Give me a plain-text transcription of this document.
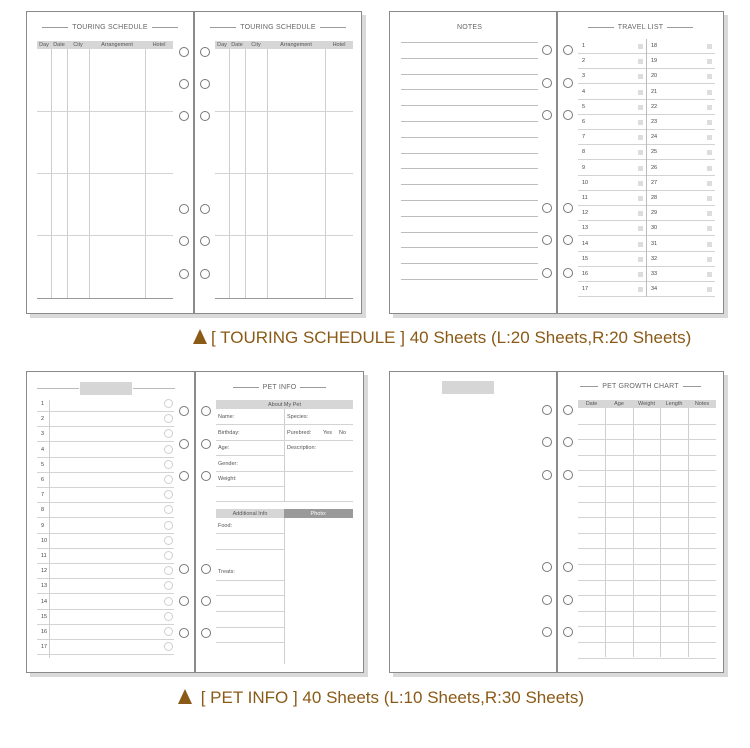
TOURING SCHEDULE
Day Date	City	Arrangement	Hotel
TOURING SCHEDULE
Day Date	City	Arrangement	Hotel
NOTES	TRAVEL LIST
1	18
2	19
3	20
4	21
5	22
6	23
7	24
8	25
9	26
10	27
11	28
12	29
13	30
14	31
15	32
16	33
17	34
[ TOURING SCHEDULE ] 40 Sheets (L:20 Sheets,R:20 Sheets)
1
2
3
4
5
6
7
8
9
10
11
12
13
14
15
16
17
PET INFO
About My Pet
Name:	Species:
Birthday:	Purebred: Yes No
Age:	Description:
Gender:
Weight:
Additional Info	Photo:
Food:
Treats:
PET GROWTH CHART
Date	Age	Weight	Length	Notes
[ PET INFO ] 40 Sheets (L:10 Sheets,R:30 Sheets)
